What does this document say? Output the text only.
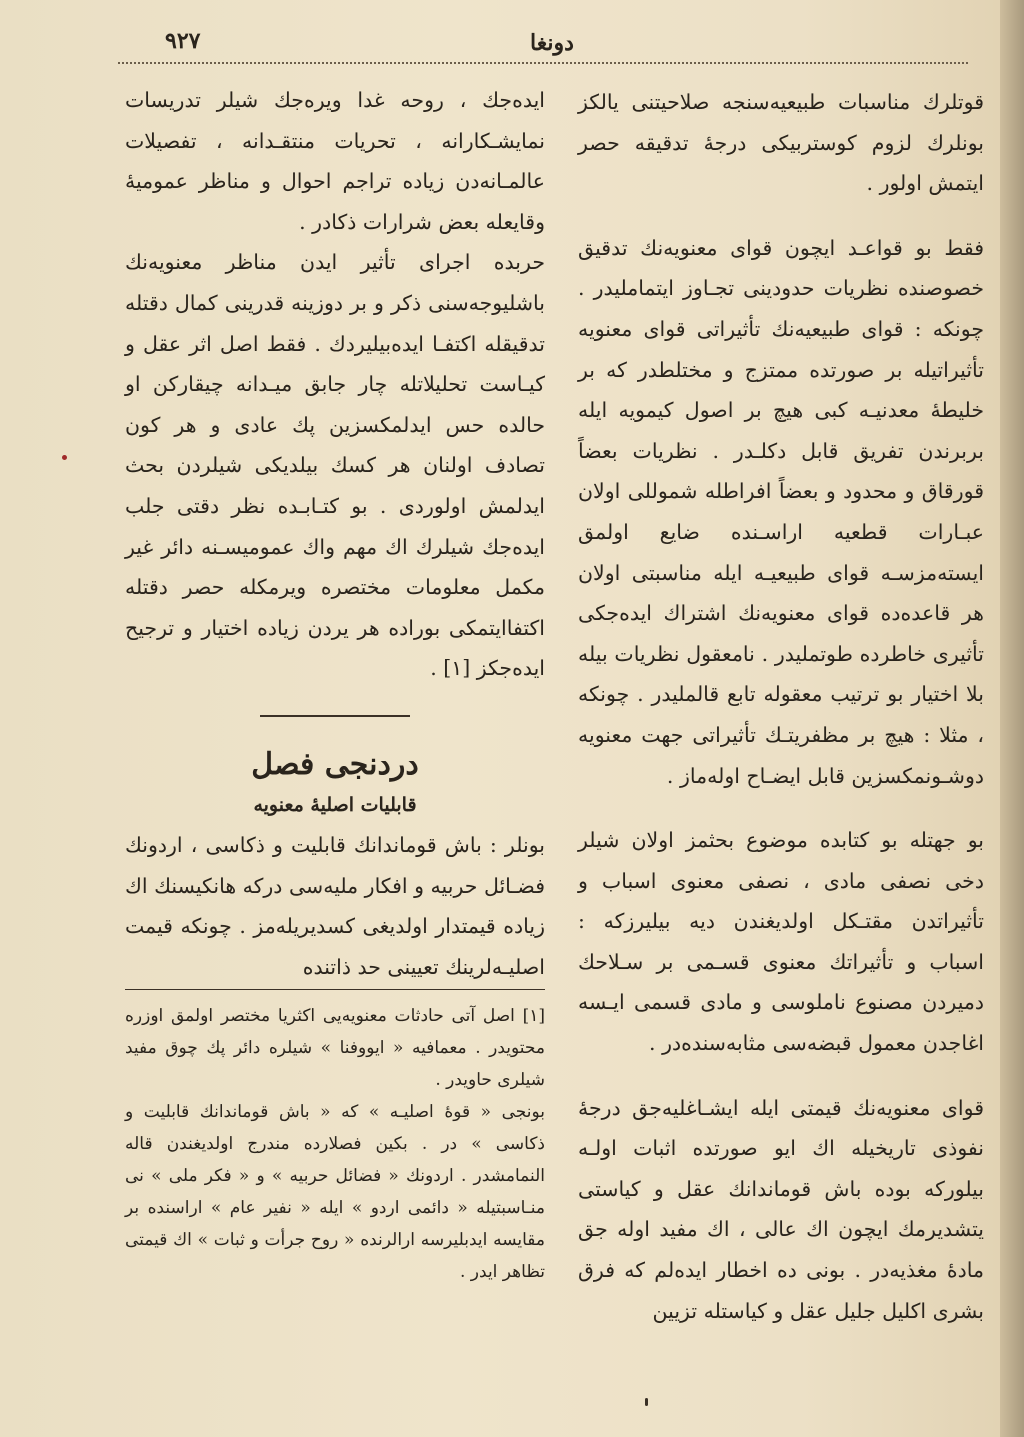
٩٢٧	دونغا

قوتلرك مناسبات طبيعيه‌سنجه صلاحيتنى يالكز بونلرك لزوم كوستربيكى درجهٔ تدقيقه حصر ايتمش اولور .

فقط بو قواعـد ايچون قواى معنويه‌نك تدقيق خصوصنده نظريات حدودينى تجـاوز ايتمامليدر . چونكه : قواى طبيعيه‌نك تأثيراتى قواى معنويه تأثيراتيله بر صورتده ممتزج و مختلطدر كه بر خليطهٔ معدنيـه كبى هيچ بر اصول كيمويه ايله بربرندن تفريق قابل دكلـدر . نظريات بعضاً قورقاق و محدود و بعضاً افراطله شموللى اولان عبـارات قطعيه اراسـنده ضايع اولمق ايسته‌مزسـه قواى طبيعيـه ايله مناسبتى اولان هر قاعده‌ده قواى معنويه‌نك اشتراك ايده‌جكى تأثيرى خاطرده طوتمليدر . نامعقول نظريات بيله بلا اختيار بو ترتيب معقوله تابع قالمليدر . چونكه ، مثلا : هيچ بر مظفريتـك تأثيراتى جهت معنويه دوشـونمكسزين قابل ايضـاح اوله‌ماز .

بو جهتله بو كتابده موضوع بحثمز اولان شيلر دخى نصفى مادى ، نصفى معنوى اسباب و تأثيراتدن مقتـكل اولديغندن ديه بيليرزكه : اسباب و تأثيراتك معنوى قسـمى بر سـلاحك دميردن مصنوع ناملوسى و مادى قسمى ايـسه اغاجدن معمول قبضه‌سى مثابه‌سنده‌در .

قواى معنويه‌نك قيمتى ايله ايشـاغليه‌جق درجهٔ نفوذى تاريخيله اك ايو صورتده اثبات اولـه بيلوركه بوده باش قوماندانك عقل و كياستى يتشديرمك ايچون اك عالى ، اك مفيد اوله جق مادهٔ مغذيه‌در . بونى ده اخطار ايده‌لم كه فرق بشرى اكليل جليل عقل و كياستله تزيين

ايده‌جك ، روحه غدا ويره‌جك شيلر تدريسات نمايشـكارانه ، تحريات منتقـدانه ، تفصيلات عالمـانه‌دن زياده تراجم احوال و مناظر عموميهٔ وقايعله بعض شرارات ذكادر .

حربده اجراى تأثير ايدن مناظر معنويه‌نك باشليوجه‌سنى ذكر و بر دوزينه قدرينى كمال دقتله تدقيقله اكتفـا ايده‌بيليردك . فقط اصل اثر عقل و كيـاست تحليلاتله چار جابق ميـدانه چيقاركن او حالده حس ايدلمكسزين پك عادى و هر كون تصادف اولنان هر كسك بيلديكى شيلردن بحث ايدلمش اولوردى . بو كتـابـده نظر دقتى جلب ايده‌جك شيلرك اك مهم واك عموميسـنه دائر غير مكمل معلومات مختصره ويرمكله حصر دقتله اكتفاايتمكى بوراده هر يردن زياده اختيار و ترجيح ايده‌جكز [١] .

دردنجى فصل

قابليات اصليهٔ معنويه

بونلر : باش قوماندانك قابليت و ذكاسى ، اردونك فضـائل حربيه و افكار مليه‌سى دركه هانكيسنك اك زياده قيمتدار اولديغى كسديريله‌مز . چونكه قيمت اصليـه‌لرينك تعيينى حد ذاتنده

[١] اصل آتى حادثات معنويه‌يى اكثريا مختصر اولمق اوزره محتويدر . معمافيه « ايووفنا » شيلره دائر پك چوق مفيد شيلرى حاويدر .

بونجى « قوهٔ اصليـه » كه « باش قوماندانك قابليت و ذكاسى » در . بكين فصلارده مندرج اولديغندن قاله النمامشدر . اردونك « فضائل حربيه » و « فكر ملى » نى منـاسبتيله « دائمى اردو » ايله « نفير عام » اراسنده بر مقايسه ايدبليرسه ارالرنده « روح جرأت و ثبات » اك قيمتى تظاهر ايدر .
